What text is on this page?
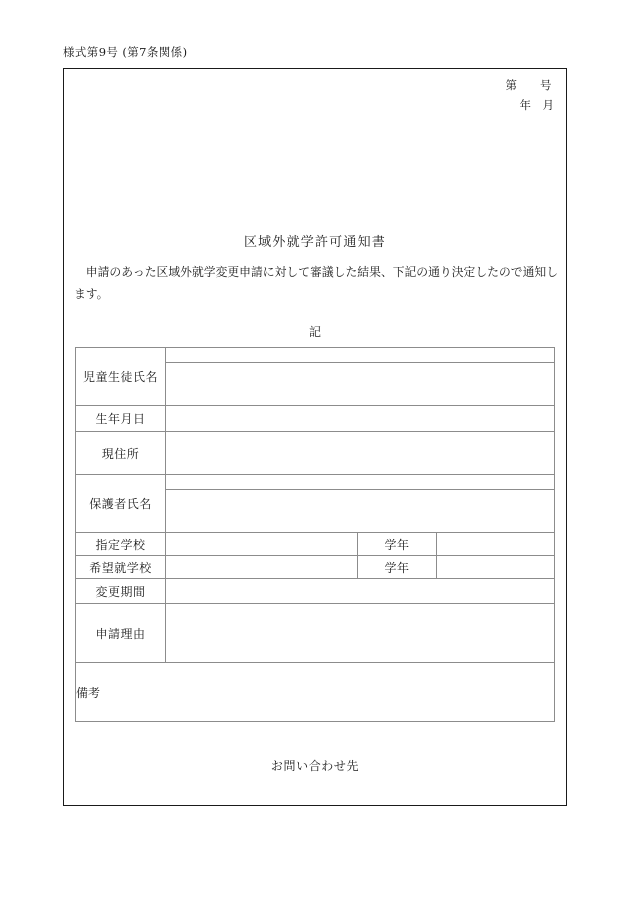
様式第9号 (第7条関係)
第　　号
年　月
区域外就学許可通知書
申請のあった区域外就学変更申請に対して審議した結果、下記の通り決定したので通知します。
記
児童生徒氏名			

生年月日			
現住所			
保護者氏名			

指定学校		学年	
希望就学校		学年	
変更期間			
申請理由			
備考			
お問い合わせ先
